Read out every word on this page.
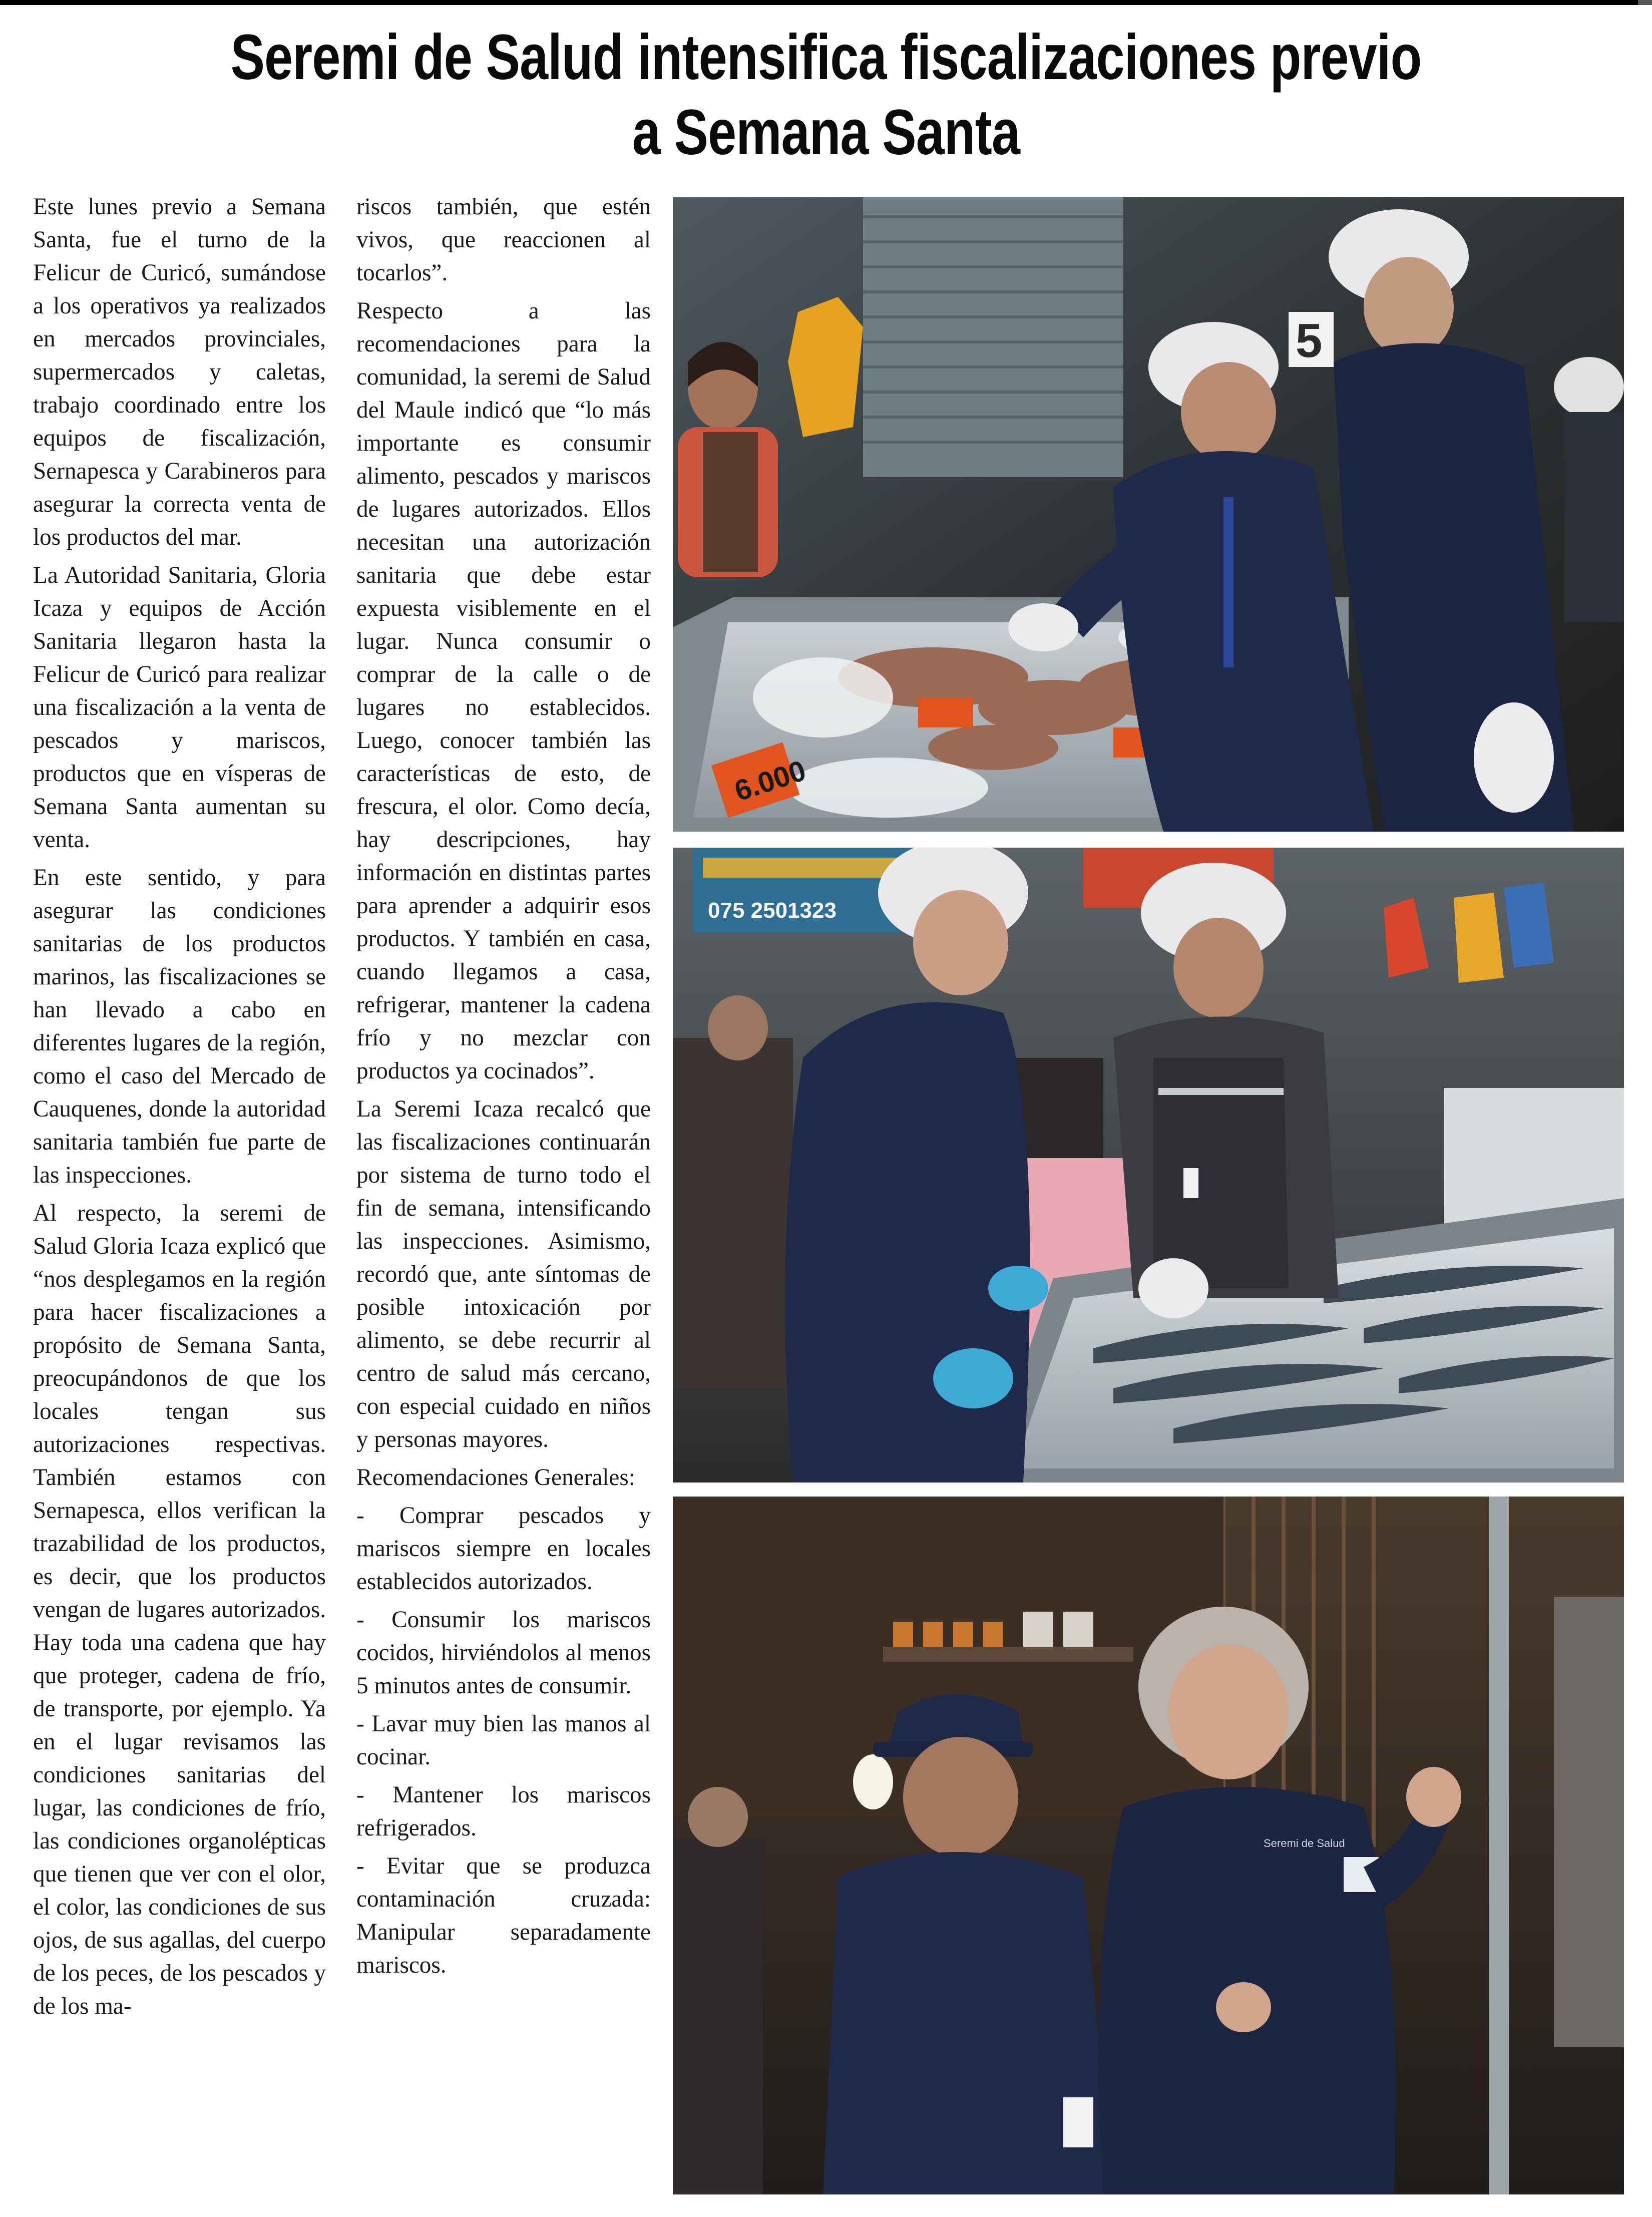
Seremi de Salud intensifica fiscalizaciones previo
a Semana Santa

Este lunes previo a Semana Santa, fue el turno de la Felicur de Curicó, sumándose a los operativos ya realizados en mercados provinciales, supermercados y caletas, trabajo coordinado entre los equipos de fiscalización, Sernapesca y Carabineros para asegurar la correcta venta de los productos del mar.

La Autoridad Sanitaria, Gloria Icaza y equipos de Acción Sanitaria llegaron hasta la Felicur de Curicó para realizar una fiscalización a la venta de pescados y mariscos, productos que en vísperas de Semana Santa aumentan su venta.

En este sentido, y para asegurar las condiciones sanitarias de los productos marinos, las fiscalizaciones se han llevado a cabo en diferentes lugares de la región, como el caso del Mercado de Cauquenes, donde la autoridad sanitaria también fue parte de las inspecciones.

Al respecto, la seremi de Salud Gloria Icaza explicó que “nos desplegamos en la región para hacer fiscalizaciones a propósito de Semana Santa, preocupándonos de que los locales tengan sus autorizaciones respectivas. También estamos con Sernapesca, ellos verifican la trazabilidad de los productos, es decir, que los productos vengan de lugares autorizados. Hay toda una cadena que hay que proteger, cadena de frío, de transporte, por ejemplo. Ya en el lugar revisamos las condiciones sanitarias del lugar, las condiciones de frío, las condiciones organolépticas que tienen que ver con el olor, el color, las condiciones de sus ojos, de sus agallas, del cuerpo de los peces, de los pescados y de los ma-

riscos también, que estén vivos, que reaccionen al tocarlos”.

Respecto a las recomendaciones para la comunidad, la seremi de Salud del Maule indicó que “lo más importante es consumir alimento, pescados y mariscos de lugares autorizados. Ellos necesitan una autorización sanitaria que debe estar expuesta visiblemente en el lugar. Nunca consumir o comprar de la calle o de lugares no establecidos. Luego, conocer también las características de esto, de frescura, el olor. Como decía, hay descripciones, hay información en distintas partes para aprender a adquirir esos productos. Y también en casa, cuando llegamos a casa, refrigerar, mantener la cadena frío y no mezclar con productos ya cocinados”.

La Seremi Icaza recalcó que las fiscalizaciones continuarán por sistema de turno todo el fin de semana, intensificando las inspecciones. Asimismo, recordó que, ante síntomas de posible intoxicación por alimento, se debe recurrir al centro de salud más cercano, con especial cuidado en niños y personas mayores.

Recomendaciones Generales:

- Comprar pescados y mariscos siempre en locales establecidos autorizados.

- Consumir los mariscos cocidos, hirviéndolos al menos 5 minutos antes de consumir.

- Lavar muy bien las manos al cocinar.

- Mantener los mariscos refrigerados.

- Evitar que se produzca contaminación cruzada: Manipular separadamente mariscos.

6.000
5
075 2501323
Seremi de Salud
